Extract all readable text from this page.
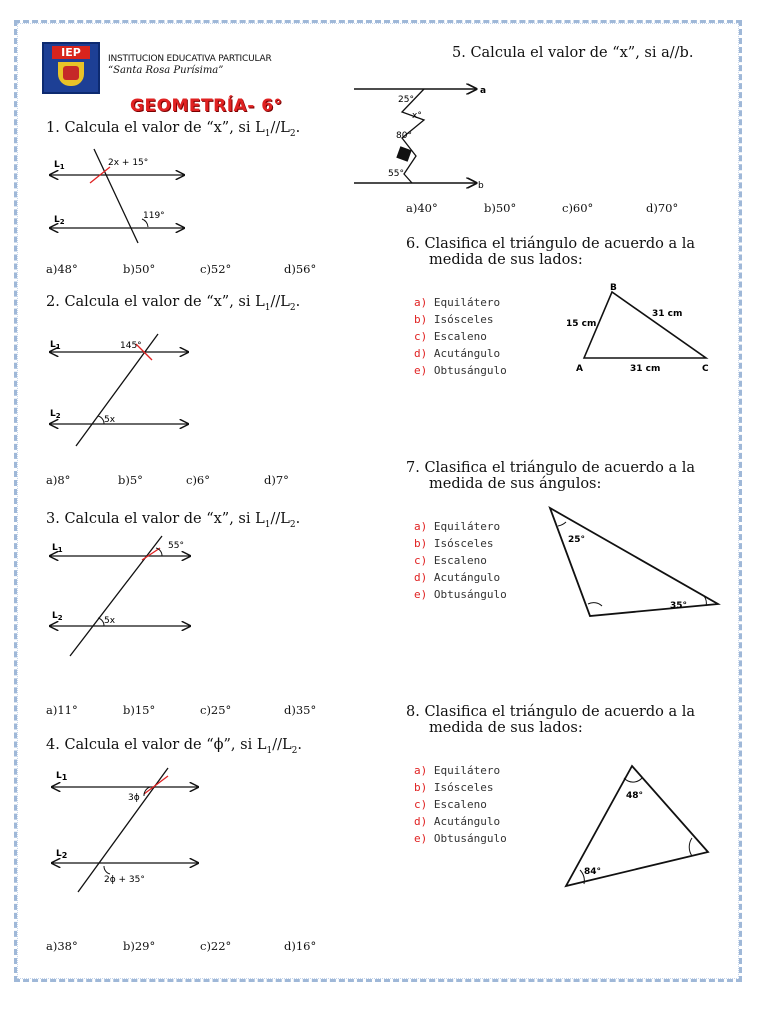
IEP	INSTITUCION EDUCATIVA PARTICULAR
“Santa Rosa Purísima”
GEOMETRÍA- 6°
1. Calcula el valor de “x”, si $L_1//L_2$.
$L_1$
$L_2$
2x + 15°
119°
a)48°	b)50°	c)52°	d)56°
2. Calcula el valor de “x”, si $L_1//L_2$.
$L_1$
$L_2$
145°
5x
a)8°	b)5°	c)6°	d)7°
3. Calcula el valor de “x”, si $L_1//L_2$.
$L_1$
$L_2$
55°
5x
a)11°	b)15°	c)25°	d)35°
4. Calcula el valor de “ϕ”, si $L_1//L_2$.
L1
L2
3ϕ
2ϕ + 35°
a)38°	b)29°	c)22°	d)16°
5. Calcula el valor de “x”, si a//b.
25°
x°
80°
55°
a
b
a)40°	b)50°	c)60°	d)70°
6. Clasifica el triángulo de acuerdo a la
medida de sus lados:
a) Equilátero
b) Isósceles
c) Escaleno
d) Acutángulo
e) Obtusángulo	A
B
C
15 cm
31 cm
31 cm
7. Clasifica el triángulo de acuerdo a la
medida de sus ángulos:
a) Equilátero
b) Isósceles
c) Escaleno
d) Acutángulo
e) Obtusángulo
25°
35°
8. Clasifica el triángulo de acuerdo a la
medida de sus lados:
a) Equilátero
b) Isósceles
c) Escaleno
d) Acutángulo
e) Obtusángulo
48°
84°
